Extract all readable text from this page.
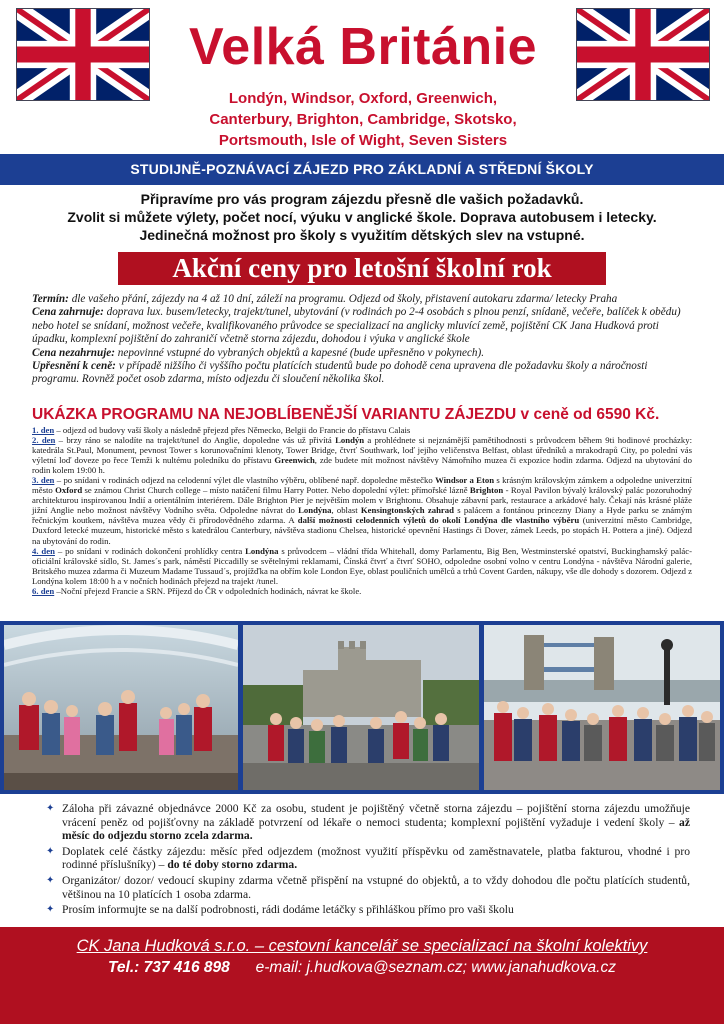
Velká Británie
Londýn, Windsor, Oxford, Greenwich,
Canterbury, Brighton, Cambridge, Skotsko,
Portsmouth, Isle of Wight, Seven Sisters
STUDIJNĚ-POZNÁVACÍ ZÁJEZD PRO ZÁKLADNÍ A STŘEDNÍ ŠKOLY
Připravíme pro vás program zájezdu přesně dle vašich požadavků.
Zvolit si můžete výlety, počet nocí, výuku v anglické škole. Doprava autobusem i letecky.
Jedinečná možnost pro školy s využitím dětských slev na vstupné.
Akční ceny pro letošní školní rok

Termín: dle vašeho přání, zájezdy na 4 až 10 dní, záleží na programu. Odjezd od školy, přistavení autokaru zdarma/ letecky Praha

Cena zahrnuje: doprava lux. busem/letecky, trajekt/tunel, ubytování (v rodinách po 2-4 osobách s plnou penzí, snídaně, večeře, balíček k obědu) nebo hotel se snídaní, možnost večeře, kvalifikovaného průvodce se specializací na anglicky mluvící země, pojištění CK Jana Hudková proti úpadku, komplexní pojištění do zahraničí včetně storna zájezdu, dohodou i výuka v anglické škole

Cena nezahrnuje: nepovinné vstupné do vybraných objektů a kapesné (bude upřesněno v pokynech).

Upřesnění k ceně: v případě nižšího či vyššího počtu platících studentů bude po dohodě cena upravena dle požadavku školy a náročnosti programu. Rovněž počet osob zdarma, místo odjezdu či sloučení několika škol.

UKÁZKA PROGRAMU NA NEJOBLÍBENĚJŠÍ VARIANTU ZÁJEZDU v ceně od 6590 Kč.

1. den – odjezd od budovy vaší školy a následně přejezd přes Německo, Belgii do Francie do přístavu Calais

2. den – brzy ráno se nalodíte na trajekt/tunel do Anglie, dopoledne vás už přivítá Londýn a prohlédnete si nejznámější pamětihodnosti s průvodcem během 9ti hodinové procházky: katedrála St.Paul, Monument, pevnost Tower s korunovačními klenoty, Tower Bridge, čtvrť Southwark, loď jejího veličenstva Belfast, oblast úředníků a mrakodrapů City, po polední vás výletní loď doveze po řece Temži k nultému poledníku do přístavu Greenwich, zde budete mít možnost návštěvy Námořního muzea či expozice hodin zdarma. Odjezd na ubytování do rodin kolem 19:00 h.

3. den – po snídani v rodinách odjezd na celodenní výlet dle vlastního výběru, oblíbené např. dopoledne městečko Windsor a Eton s krásným královským zámkem a odpoledne univerzitní město Oxford se známou Christ Church college – místo natáčení filmu Harry Potter. Nebo dopolední výlet: přímořské lázně Brighton - Royal Pavilon bývalý královský palác pozoruhodný architekturou inspirovanou Indií a orientálním interiérem. Dále Brighton Pier je největším molem v Brightonu. Obsahuje zábavní park, restaurace a arkádové haly. Čekají nás krásné pláže jižní Anglie nebo možnost návštěvy Vodního světa. Odpoledne návrat do Londýna, oblast Kensingtonských zahrad s palácem a fontánou princezny Diany a Hyde parku se známým řečnickým koutkem, návštěva muzea vědy či přírodovědného zdarma. A další možnosti celodenních výletů do okolí Londýna dle vlastního výběru (univerzitní město Cambridge, Duxford letecké muzeum, historické město s katedrálou Canterbury, návštěva stadionu Chelsea, historické opevnění Hastings či Dover, zámek Leeds, po stopách H. Pottera a jiné). Odjezd na ubytování do rodin.

4. den – po snídani v rodinách dokončení prohlídky centra Londýna s průvodcem – vládní třída Whitehall, domy Parlamentu, Big Ben, Westminsterské opatství, Buckinghamský palác- oficiální královské sídlo, St. James´s park, náměstí Piccadilly se světelnými reklamami, Čínská čtvrť a čtvrť SOHO, odpoledne osobní volno v centru Londýna - návštěva Národní galerie, Britského muzea zdarma či Muzeum Madame Tussaud´s, projížďka na obřím kole London Eye, oblast pouličních umělců a trhů Covent Garden, nákupy, vše dle dohody s dozorem. Odjezd z Londýna kolem 18:00 h a v nočních hodinách přejezd na trajekt /tunel.

6. den –Noční přejezd Francie a SRN. Příjezd do ČR v odpoledních hodinách, návrat ke škole.

✦ Záloha při závazné objednávce 2000 Kč za osobu, student je pojištěný včetně storna zájezdu – pojištění storna zájezdu umožňuje vrácení peněz od pojišťovny na základě potvrzení od lékaře o nemoci studenta; komplexní pojištění vyžaduje i vedení školy – až měsíc do odjezdu storno zcela zdarma.
✦ Doplatek celé částky zájezdu: měsíc před odjezdem (možnost využití příspěvku od zaměstnavatele, platba fakturou, vhodné i pro rodinné příslušníky) – do té doby storno zdarma.
✦ Organizátor/ dozor/ vedoucí skupiny zdarma včetně přispění na vstupné do objektů, a to vždy dohodou dle počtu platících studentů, většinou na 10 platících 1 osoba zdarma.
✦ Prosím informujte se na další podrobnosti, rádi dodáme letáčky s přihláškou přímo pro vaši školu
CK Jana Hudková s.r.o. – cestovní kancelář se specializací na školní kolektivy
Tel.: 737 416 898 e-mail: j.hudkova@seznam.cz; www.janahudkova.cz
